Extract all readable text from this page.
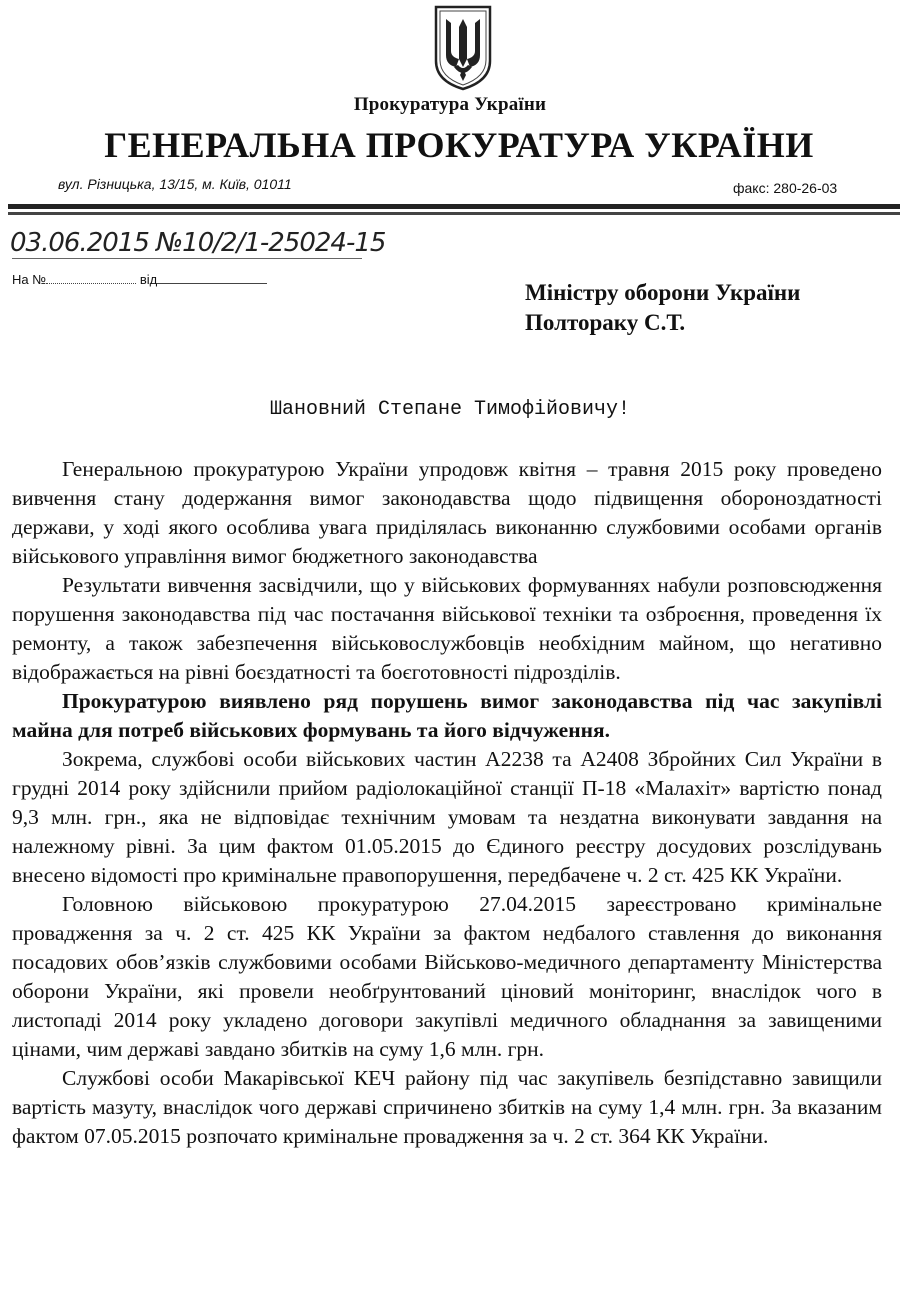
Прокуратура України
ГЕНЕРАЛЬНА ПРОКУРАТУРА УКРАЇНИ
вул. Різницька, 13/15, м. Київ, 01011	факс: 280-26-03
03.06.2015 №10/2/1-25024-15
На №	від
Міністру оборони України
Полтораку С.Т.
Шановний Степане Тимофійовичу!

Генеральною прокуратурою України упродовж квітня – травня 2015 року проведено вивчення стану додержання вимог законодавства щодо підвищення обороноздатності держави, у ході якого особлива увага приділялась виконанню службовими особами органів військового управління вимог бюджетного законодавства

Результати вивчення засвідчили, що у військових формуваннях набули розповсюдження порушення законодавства під час постачання військової техніки та озброєння, проведення їх ремонту, а також забезпечення військовослужбовців необхідним майном, що негативно відображається на рівні боєздатності та боєготовності підрозділів.

Прокуратурою виявлено ряд порушень вимог законодавства під час закупівлі майна для потреб військових формувань та його відчуження.

Зокрема, службові особи військових частин А2238 та А2408 Збройних Сил України в грудні 2014 року здійснили прийом радіолокаційної станції П-18 «Малахіт» вартістю понад 9,3 млн. грн., яка не відповідає технічним умовам та нездатна виконувати завдання на належному рівні. За цим фактом 01.05.2015 до Єдиного реєстру досудових розслідувань внесено відомості про кримінальне правопорушення, передбачене ч. 2 ст. 425 КК України.

Головною військовою прокуратурою 27.04.2015 зареєстровано кримінальне провадження за ч. 2 ст. 425 КК України за фактом недбалого ставлення до виконання посадових обов’язків службовими особами Військово-медичного департаменту Міністерства оборони України, які провели необґрунтований ціновий моніторинг, внаслідок чого в листопаді 2014 року укладено договори закупівлі медичного обладнання за завищеними цінами, чим державі завдано збитків на суму 1,6 млн. грн.

Службові особи Макарівської КЕЧ району під час закупівель безпідставно завищили вартість мазуту, внаслідок чого державі спричинено збитків на суму 1,4 млн. грн. За вказаним фактом 07.05.2015 розпочато кримінальне провадження за ч. 2 ст. 364 КК України.
